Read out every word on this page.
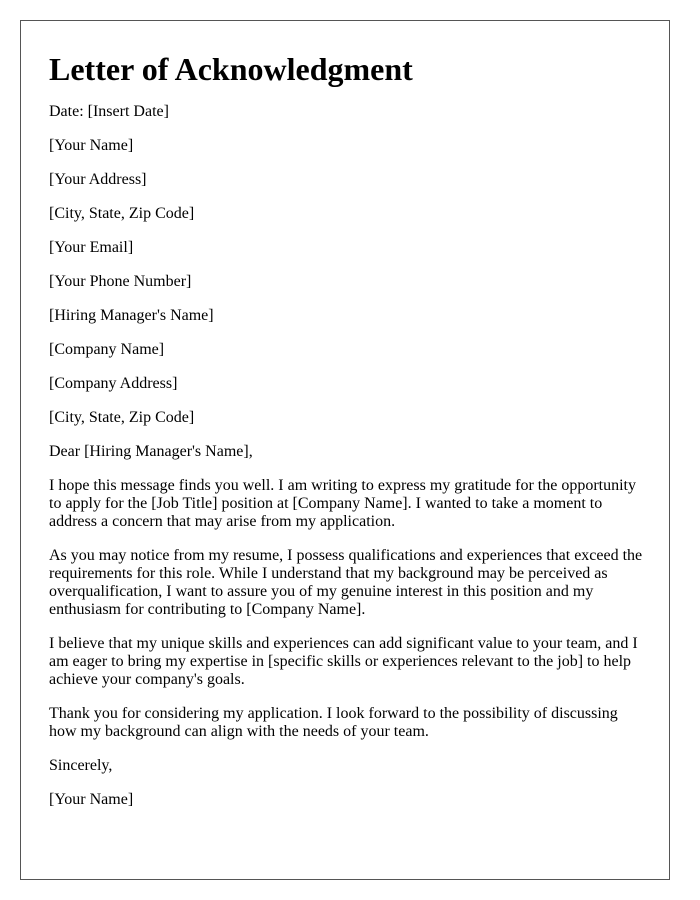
Letter of Acknowledgment

Date: [Insert Date]

[Your Name]

[Your Address]

[City, State, Zip Code]

[Your Email]

[Your Phone Number]

[Hiring Manager's Name]

[Company Name]

[Company Address]

[City, State, Zip Code]

Dear [Hiring Manager's Name],

I hope this message finds you well. I am writing to express my gratitude for the opportunity to apply for the [Job Title] position at [Company Name]. I wanted to take a moment to address a concern that may arise from my application.

As you may notice from my resume, I possess qualifications and experiences that exceed the requirements for this role. While I understand that my background may be perceived as overqualification, I want to assure you of my genuine interest in this position and my enthusiasm for contributing to [Company Name].

I believe that my unique skills and experiences can add significant value to your team, and I am eager to bring my expertise in [specific skills or experiences relevant to the job] to help achieve your company's goals.

Thank you for considering my application. I look forward to the possibility of discussing how my background can align with the needs of your team.

Sincerely,

[Your Name]
